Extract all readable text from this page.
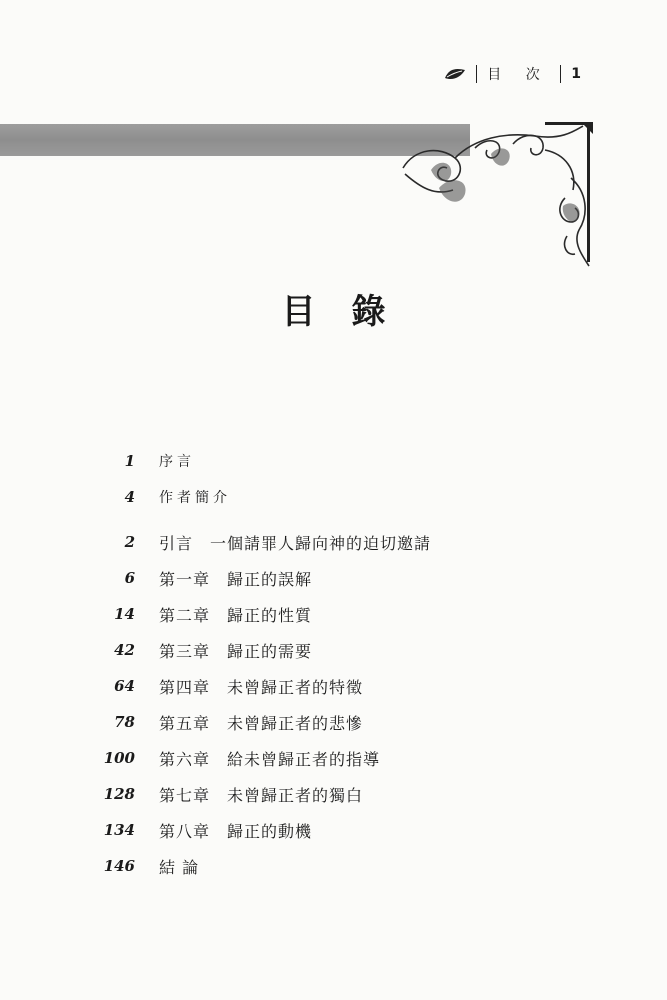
目 次 1
目錄
1 序言
4 作者簡介
2 引言　一個請罪人歸向神的迫切邀請
6 第一章　歸正的誤解
14 第二章　歸正的性質
42 第三章　歸正的需要
64 第四章　未曾歸正者的特徵
78 第五章　未曾歸正者的悲慘
100 第六章　給未曾歸正者的指導
128 第七章　未曾歸正者的獨白
134 第八章　歸正的動機
146 結 論
